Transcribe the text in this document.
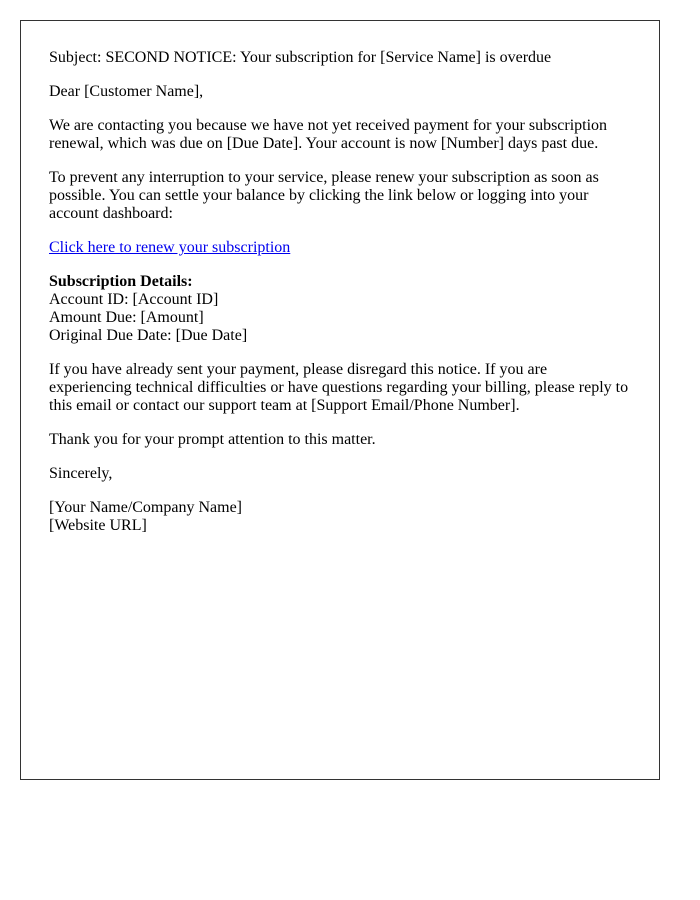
Subject: SECOND NOTICE: Your subscription for [Service Name] is overdue

Dear [Customer Name],

We are contacting you because we have not yet received payment for your subscription renewal, which was due on [Due Date]. Your account is now [Number] days past due.

To prevent any interruption to your service, please renew your subscription as soon as possible. You can settle your balance by clicking the link below or logging into your account dashboard:

Click here to renew your subscription

Subscription Details:
Account ID: [Account ID]
Amount Due: [Amount]
Original Due Date: [Due Date]

If you have already sent your payment, please disregard this notice. If you are experiencing technical difficulties or have questions regarding your billing, please reply to this email or contact our support team at [Support Email/Phone Number].

Thank you for your prompt attention to this matter.

Sincerely,

[Your Name/Company Name]
[Website URL]
